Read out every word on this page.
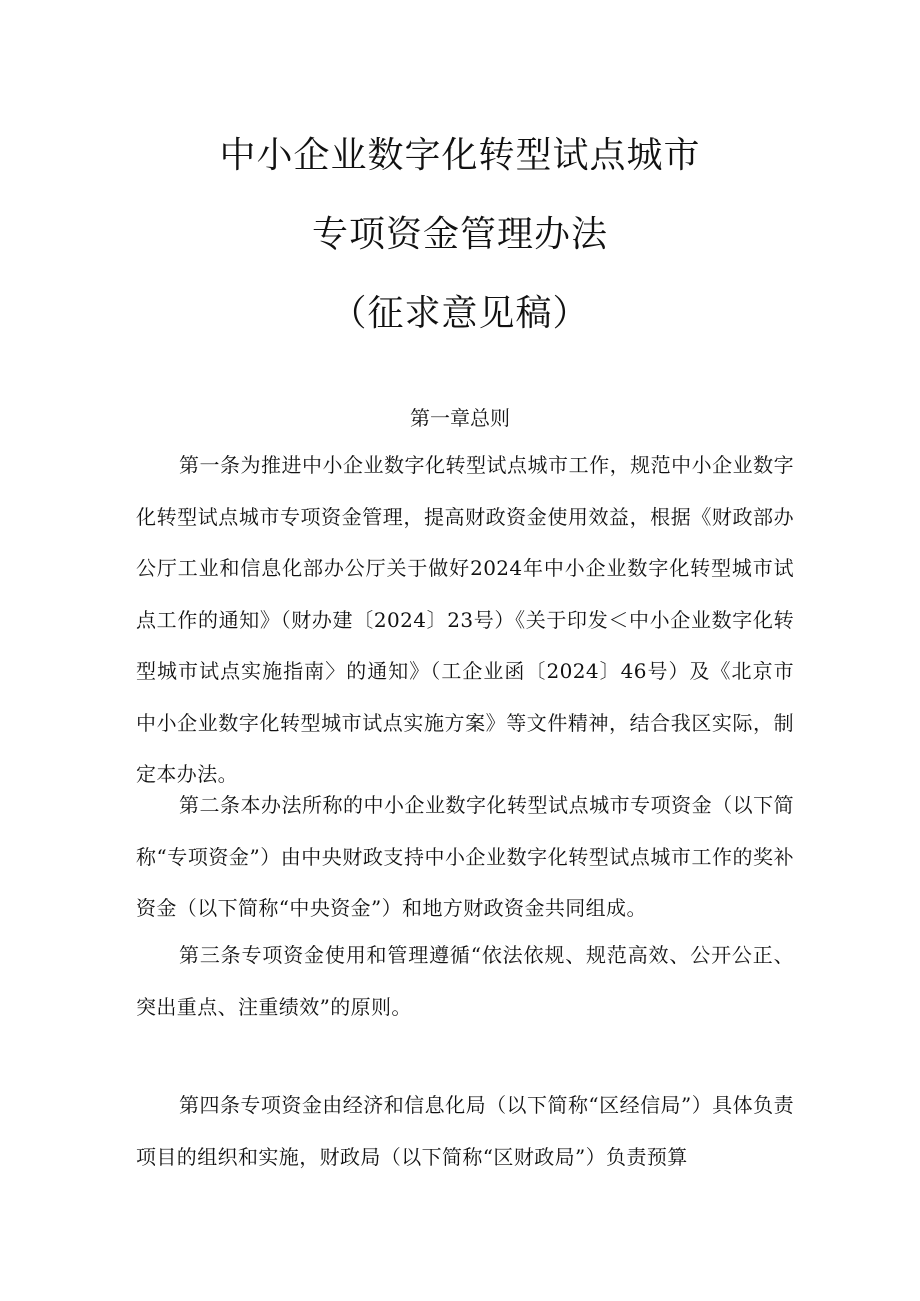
中小企业数字化转型试点城市
专项资金管理办法
（征求意见稿）
第一章总则

第一条为推进中小企业数字化转型试点城市工作，规范中小企业数字化转型试点城市专项资金管理，提高财政资金使用效益，根据《财政部办公厅工业和信息化部办公厅关于做好2024年中小企业数字化转型城市试点工作的通知》（财办建〔2024〕23号）《关于印发＜中小企业数字化转型城市试点实施指南〉的通知》（工企业函〔2024〕46号）及《北京市中小企业数字化转型城市试点实施方案》等文件精神，结合我区实际，制定本办法。

第二条本办法所称的中小企业数字化转型试点城市专项资金（以下简称“专项资金”）由中央财政支持中小企业数字化转型试点城市工作的奖补资金（以下简称“中央资金”）和地方财政资金共同组成。

第三条专项资金使用和管理遵循“依法依规、规范高效、公开公正、突出重点、注重绩效”的原则。

第四条专项资金由经济和信息化局（以下简称“区经信局”）具体负责项目的组织和实施，财政局（以下简称“区财政局”）负责预算
